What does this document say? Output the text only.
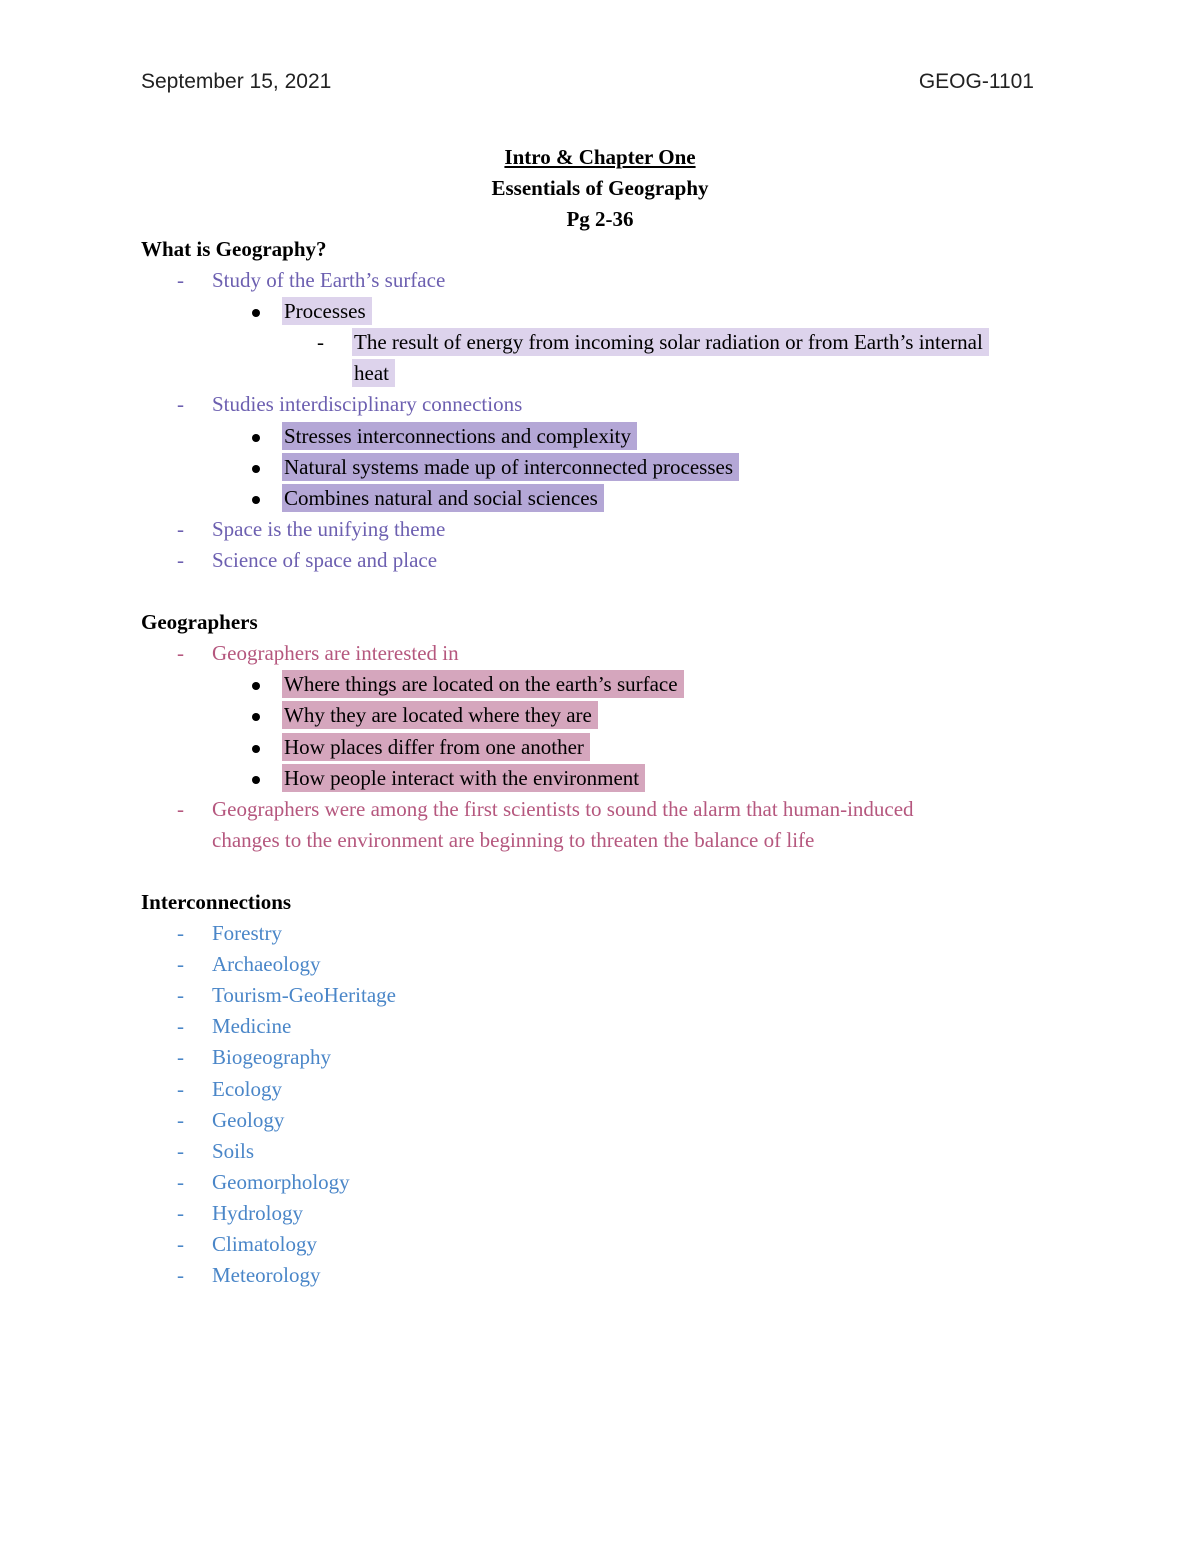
September 15, 2021	GEOG-1101
Intro & Chapter One
Essentials of Geography
Pg 2-36
What is Geography?
- Study of the Earth’s surface
Processes
- The result of energy from incoming solar radiation or from Earth’s internal
heat
- Studies interdisciplinary connections
Stresses interconnections and complexity
Natural systems made up of interconnected processes
Combines natural and social sciences
- Space is the unifying theme
- Science of space and place
Geographers
- Geographers are interested in
Where things are located on the earth’s surface
Why they are located where they are
How places differ from one another
How people interact with the environment
- Geographers were among the first scientists to sound the alarm that human-induced
changes to the environment are beginning to threaten the balance of life
Interconnections
- Forestry
- Archaeology
- Tourism-GeoHeritage
- Medicine
- Biogeography
- Ecology
- Geology
- Soils
- Geomorphology
- Hydrology
- Climatology
- Meteorology
